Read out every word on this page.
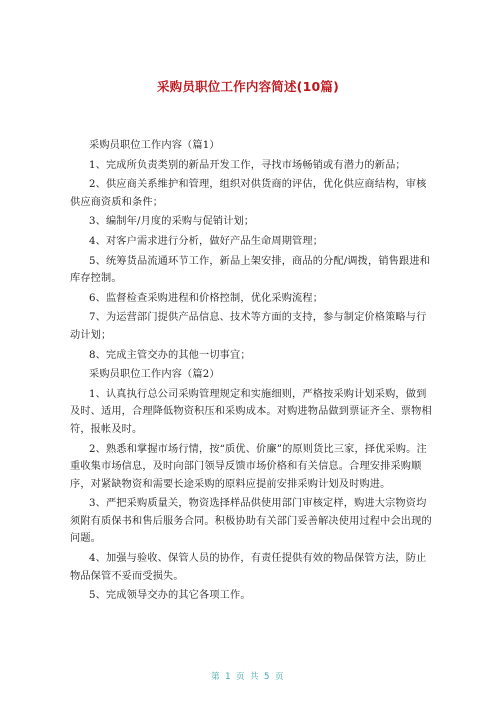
采购员职位工作内容简述(10篇)

采购员职位工作内容（篇1）

1、完成所负责类别的新品开发工作，寻找市场畅销或有潜力的新品；

2、供应商关系维护和管理，组织对供货商的评估，优化供应商结构，审核供应商资质和条件；

3、编制年/月度的采购与促销计划；

4、对客户需求进行分析，做好产品生命周期管理；

5、统筹货品流通环节工作，新品上架安排，商品的分配/调拨，销售跟进和库存控制。

6、监督检查采购进程和价格控制，优化采购流程；

7、为运营部门提供产品信息、技术等方面的支持，参与制定价格策略与行动计划；

8、完成主管交办的其他一切事宜；

采购员职位工作内容（篇2）

1、认真执行总公司采购管理规定和实施细则，严格按采购计划采购，做到及时、适用，合理降低物资积压和采购成本。对购进物品做到票证齐全、票物相符，报帐及时。

2、熟悉和掌握市场行情，按“质优、价廉”的原则货比三家，择优采购。注重收集市场信息，及时向部门领导反馈市场价格和有关信息。合理安排采购顺序，对紧缺物资和需要长途采购的原料应提前安排采购计划及时购进。

3、严把采购质量关，物资选择样品供使用部门审核定样，购进大宗物资均须附有质保书和售后服务合同。积极协助有关部门妥善解决使用过程中会出现的问题。

4、加强与验收、保管人员的协作，有责任提供有效的物品保管方法，防止物品保管不妥而受损失。

5、完成领导交办的其它各项工作。

第 1 页 共 5 页
